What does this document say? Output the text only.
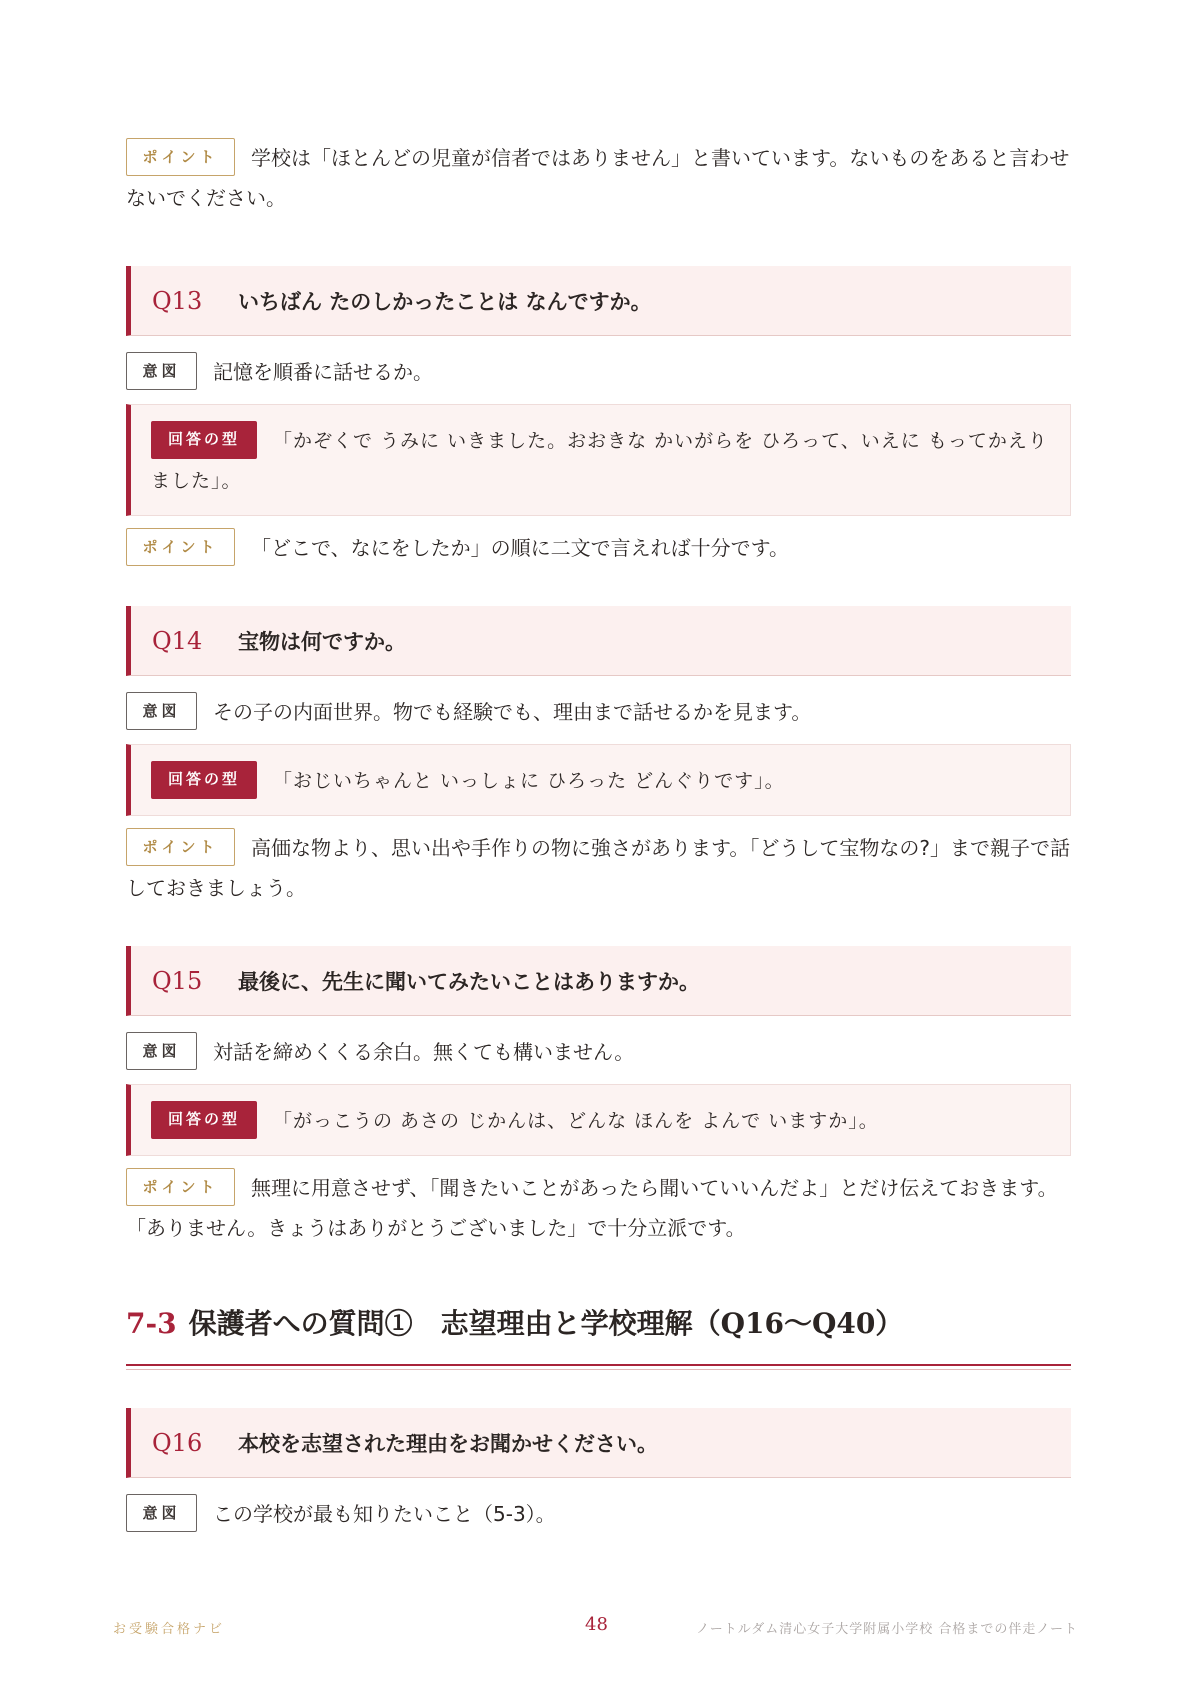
ポイント 学校は「ほとんどの児童が信者ではありません」と書いています。ないものをあると言わせないでください。

Q13	いちばん たのしかったことは なんですか。

意図 記憶を順番に話せるか。

回答の型 「かぞくで うみに いきました。おおきな かいがらを ひろって、いえに もってかえりました」。

ポイント 「どこで、なにをしたか」の順に二文で言えれば十分です。

Q14	宝物は何ですか。

意図 その子の内面世界。物でも経験でも、理由まで話せるかを見ます。

回答の型 「おじいちゃんと いっしょに ひろった どんぐりです」。

ポイント 高価な物より、思い出や手作りの物に強さがあります。「どうして宝物なの?」まで親子で話しておきましょう。

Q15	最後に、先生に聞いてみたいことはありますか。

意図 対話を締めくくる余白。無くても構いません。

回答の型 「がっこうの あさの じかんは、どんな ほんを よんで いますか」。

ポイント 無理に用意させず、「聞きたいことがあったら聞いていいんだよ」とだけ伝えておきます。「ありません。きょうはありがとうございました」で十分立派です。

7-3 保護者への質問①　志望理由と学校理解（Q16〜Q40）
Q16	本校を志望された理由をお聞かせください。

意図 この学校が最も知りたいこと（5-3）。

お受験合格ナビ	48	ノートルダム清心女子大学附属小学校 合格までの伴走ノート
